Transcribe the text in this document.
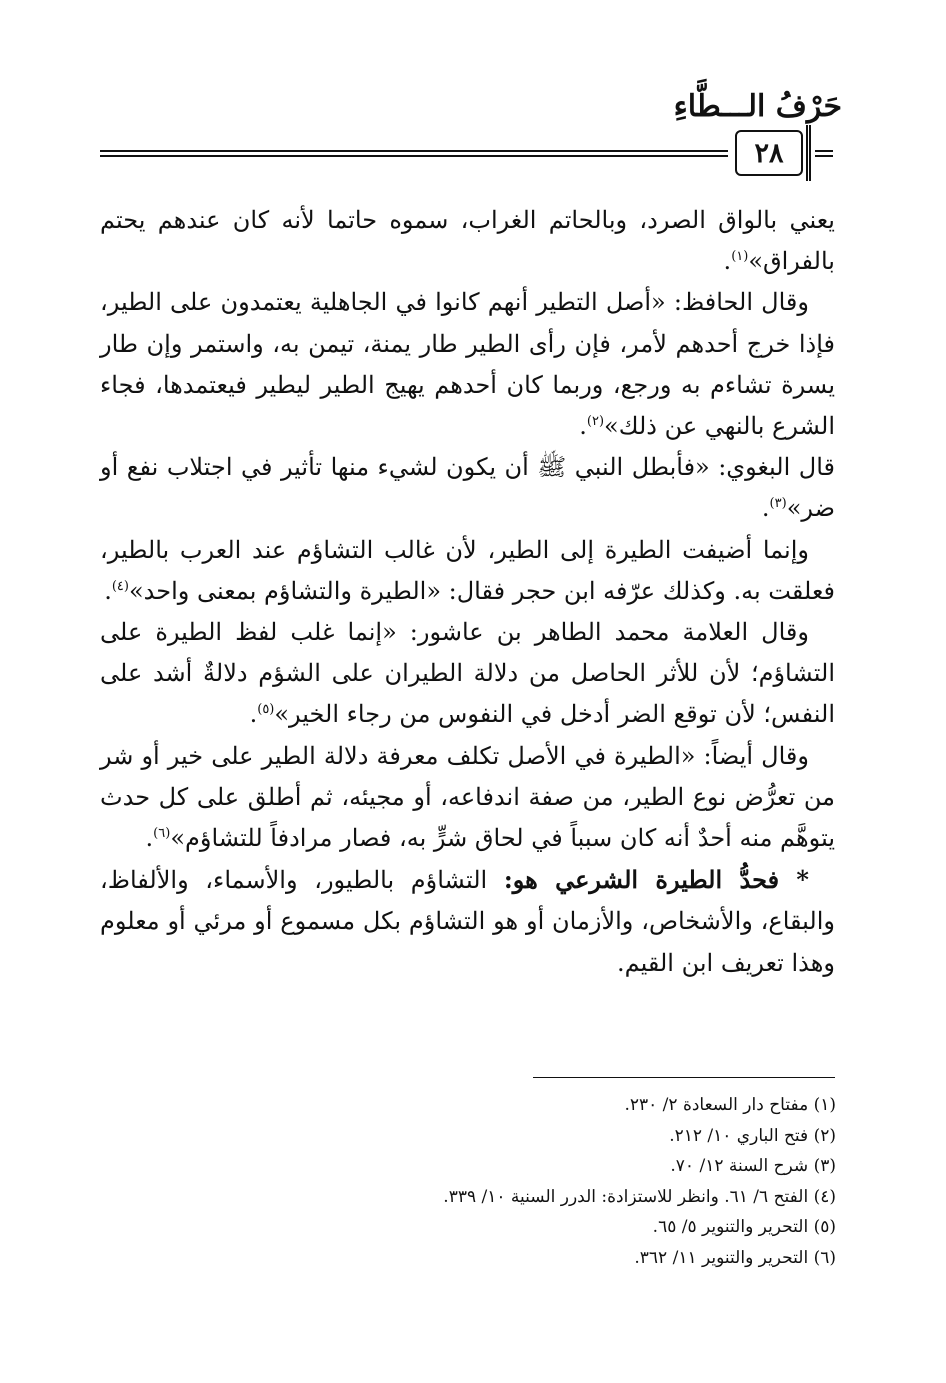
حَرْفُ الـــطَّاءِ
٢٨

يعني بالواق الصرد، وبالحاتم الغراب، سموه حاتما لأنه كان عندهم يحتم بالفراق»$^{(١)}$.

وقال الحافظ: «أصل التطير أنهم كانوا في الجاهلية يعتمدون على الطير، فإذا خرج أحدهم لأمر، فإن رأى الطير طار يمنة، تيمن به، واستمر وإن طار يسرة تشاءم به ورجع، وربما كان أحدهم يهيج الطير ليطير فيعتمدها، فجاء الشرع بالنهي عن ذلك»$^{(٢)}$.

قال البغوي: «فأبطل النبي ﷺ أن يكون لشيء منها تأثير في اجتلاب نفع أو ضر»$^{(٣)}$.

وإنما أضيفت الطيرة إلى الطير، لأن غالب التشاؤم عند العرب بالطير، فعلقت به. وكذلك عرّفه ابن حجر فقال: «الطيرة والتشاؤم بمعنى واحد»$^{(٤)}$.

وقال العلامة محمد الطاهر بن عاشور: «إنما غلب لفظ الطيرة على التشاؤم؛ لأن للأثر الحاصل من دلالة الطيران على الشؤم دلالةٌ أشد على النفس؛ لأن توقع الضر أدخل في النفوس من رجاء الخير»$^{(٥)}$.

وقال أيضاً: «الطيرة في الأصل تكلف معرفة دلالة الطير على خير أو شر من تعرُّض نوع الطير، من صفة اندفاعه، أو مجيئه، ثم أطلق على كل حدث يتوهَّم منه أحدٌ أنه كان سبباً في لحاق شرٍّ به، فصار مرادفاً للتشاؤم»$^{(٦)}$.

* فحدُّ الطيرة الشرعي هو: التشاؤم بالطيور، والأسماء، والألفاظ، والبقاع، والأشخاص، والأزمان أو هو التشاؤم بكل مسموع أو مرئي أو معلوم وهذا تعريف ابن القيم.

(١) مفتاح دار السعادة ٢/ ٢٣٠.
(٢) فتح الباري ١٠/ ٢١٢.
(٣) شرح السنة ١٢/ ٧٠.
(٤) الفتح ٦/ ٦١. وانظر للاستزادة: الدرر السنية ١٠/ ٣٣٩.
(٥) التحرير والتنوير ٥/ ٦٥.
(٦) التحرير والتنوير ١١/ ٣٦٢.
